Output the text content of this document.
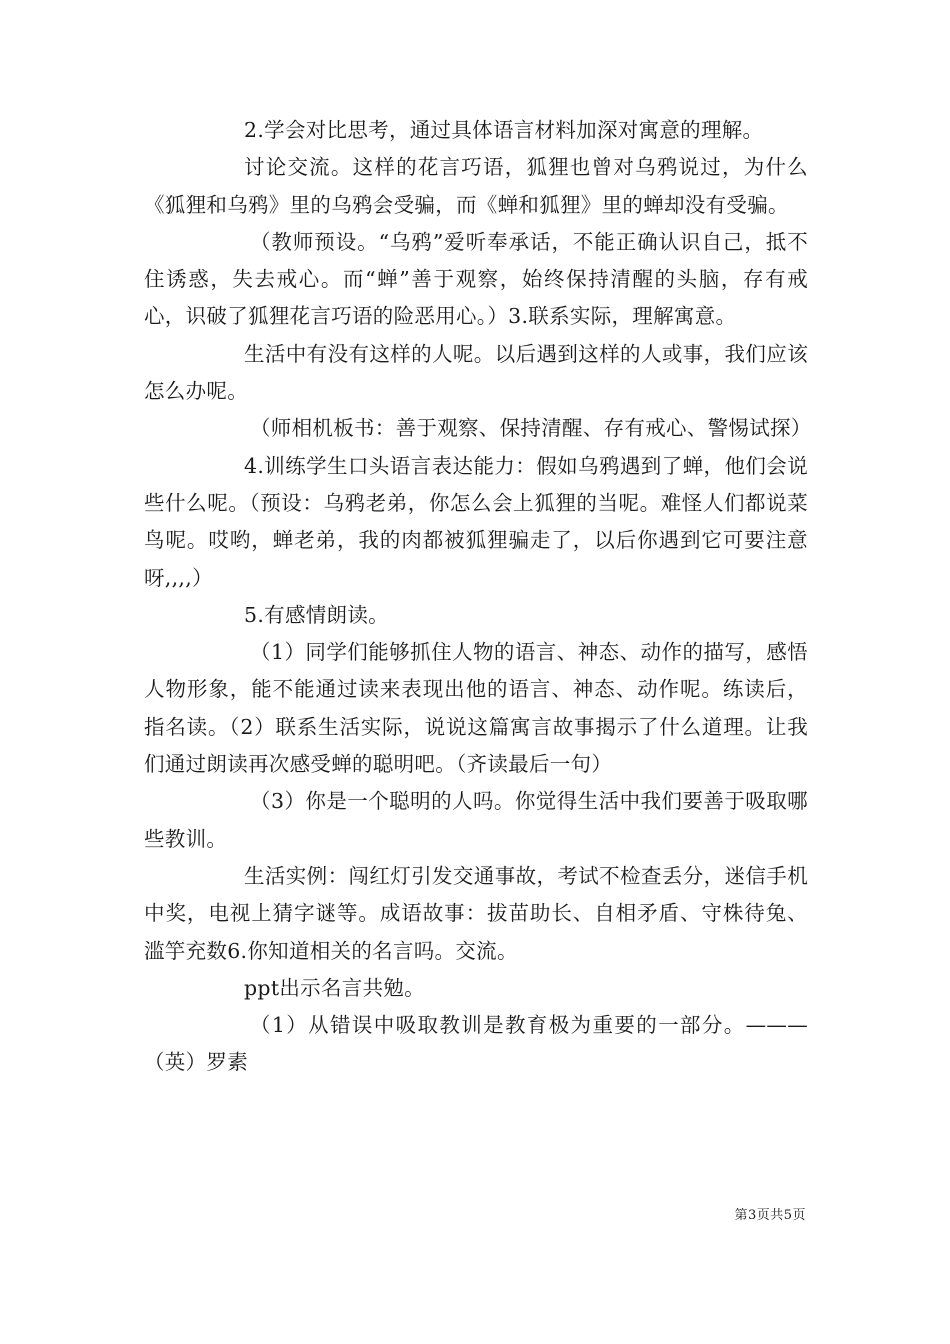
2.学会对比思考，通过具体语言材料加深对寓意的理解。

讨论交流。这样的花言巧语，狐狸也曾对乌鸦说过，为什么《狐狸和乌鸦》里的乌鸦会受骗，而《蝉和狐狸》里的蝉却没有受骗。

（教师预设。“乌鸦”爱听奉承话，不能正确认识自己，抵不住诱惑，失去戒心。而“蝉”善于观察，始终保持清醒的头脑，存有戒心，识破了狐狸花言巧语的险恶用心。）3.联系实际，理解寓意。

生活中有没有这样的人呢。以后遇到这样的人或事，我们应该怎么办呢。

（师相机板书：善于观察、保持清醒、存有戒心、警惕试探）

4.训练学生口头语言表达能力：假如乌鸦遇到了蝉，他们会说些什么呢。（预设：乌鸦老弟，你怎么会上狐狸的当呢。难怪人们都说菜鸟呢。哎哟，蝉老弟，我的肉都被狐狸骗走了，以后你遇到它可要注意呀,,,,）

5.有感情朗读。

（1）同学们能够抓住人物的语言、神态、动作的描写，感悟人物形象，能不能通过读来表现出他的语言、神态、动作呢。练读后，指名读。（2）联系生活实际，说说这篇寓言故事揭示了什么道理。让我们通过朗读再次感受蝉的聪明吧。（齐读最后一句）

（3）你是一个聪明的人吗。你觉得生活中我们要善于吸取哪些教训。

生活实例：闯红灯引发交通事故，考试不检查丢分，迷信手机中奖，电视上猜字谜等。成语故事：拔苗助长、自相矛盾、守株待兔、滥竽充数6.你知道相关的名言吗。交流。

ppt出示名言共勉。

（1）从错误中吸取教训是教育极为重要的一部分。———（英）罗素

第3页共5页
